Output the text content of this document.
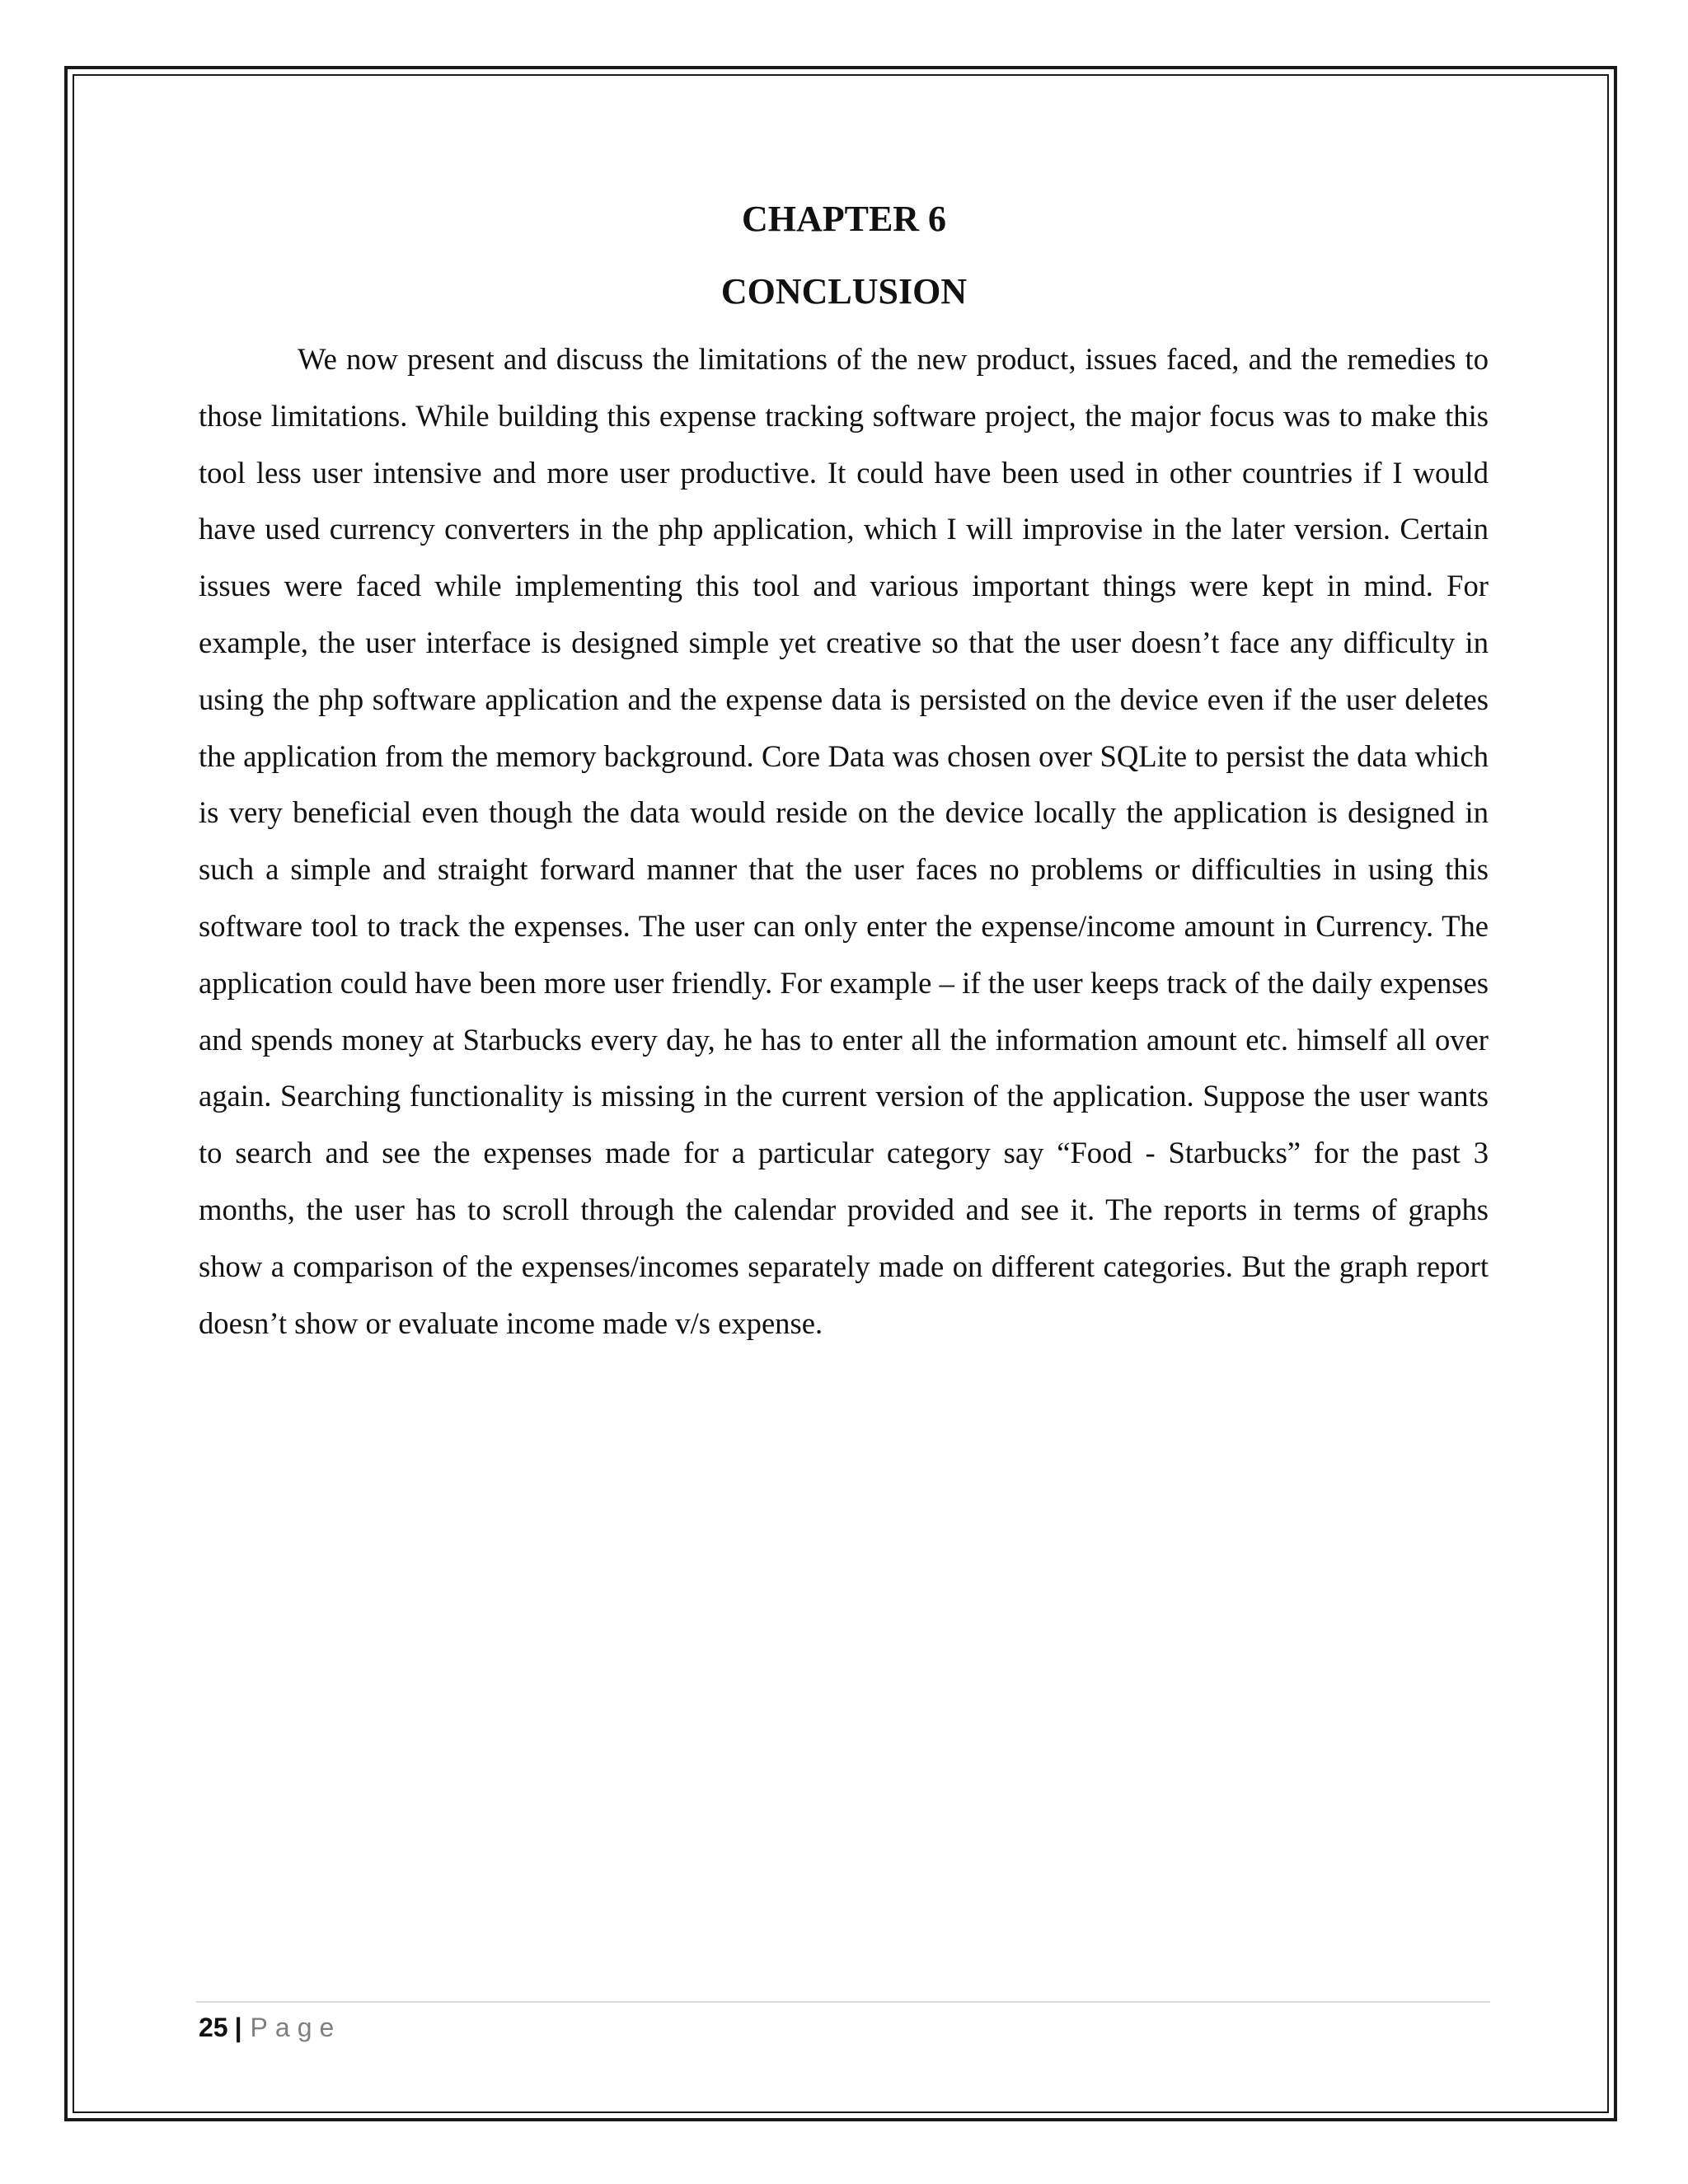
CHAPTER 6
CONCLUSION

We now present and discuss the limitations of the new product, issues faced, and the remedies to those limitations. While building this expense tracking software project, the major focus was to make this tool less user intensive and more user productive. It could have been used in other countries if I would have used currency converters in the php application, which I will improvise in the later version. Certain issues were faced while implementing this tool and various important things were kept in mind. For example, the user interface is designed simple yet creative so that the user doesn’t face any difficulty in using the php software application and the expense data is persisted on the device even if the user deletes the application from the memory background. Core Data was chosen over SQLite to persist the data which is very beneficial even though the data would reside on the device locally the application is designed in such a simple and straight forward manner that the user faces no problems or difficulties in using this software tool to track the expenses. The user can only enter the expense/income amount in Currency. The application could have been more user friendly. For example – if the user keeps track of the daily expenses and spends money at Starbucks every day, he has to enter all the information amount etc. himself all over again. Searching functionality is missing in the current version of the application. Suppose the user wants to search and see the expenses made for a particular category say “Food - Starbucks” for the past 3 months, the user has to scroll through the calendar provided and see it. The reports in terms of graphs show a comparison of the expenses/incomes separately made on different categories. But the graph report doesn’t show or evaluate income made v/s expense.

25 | Page
